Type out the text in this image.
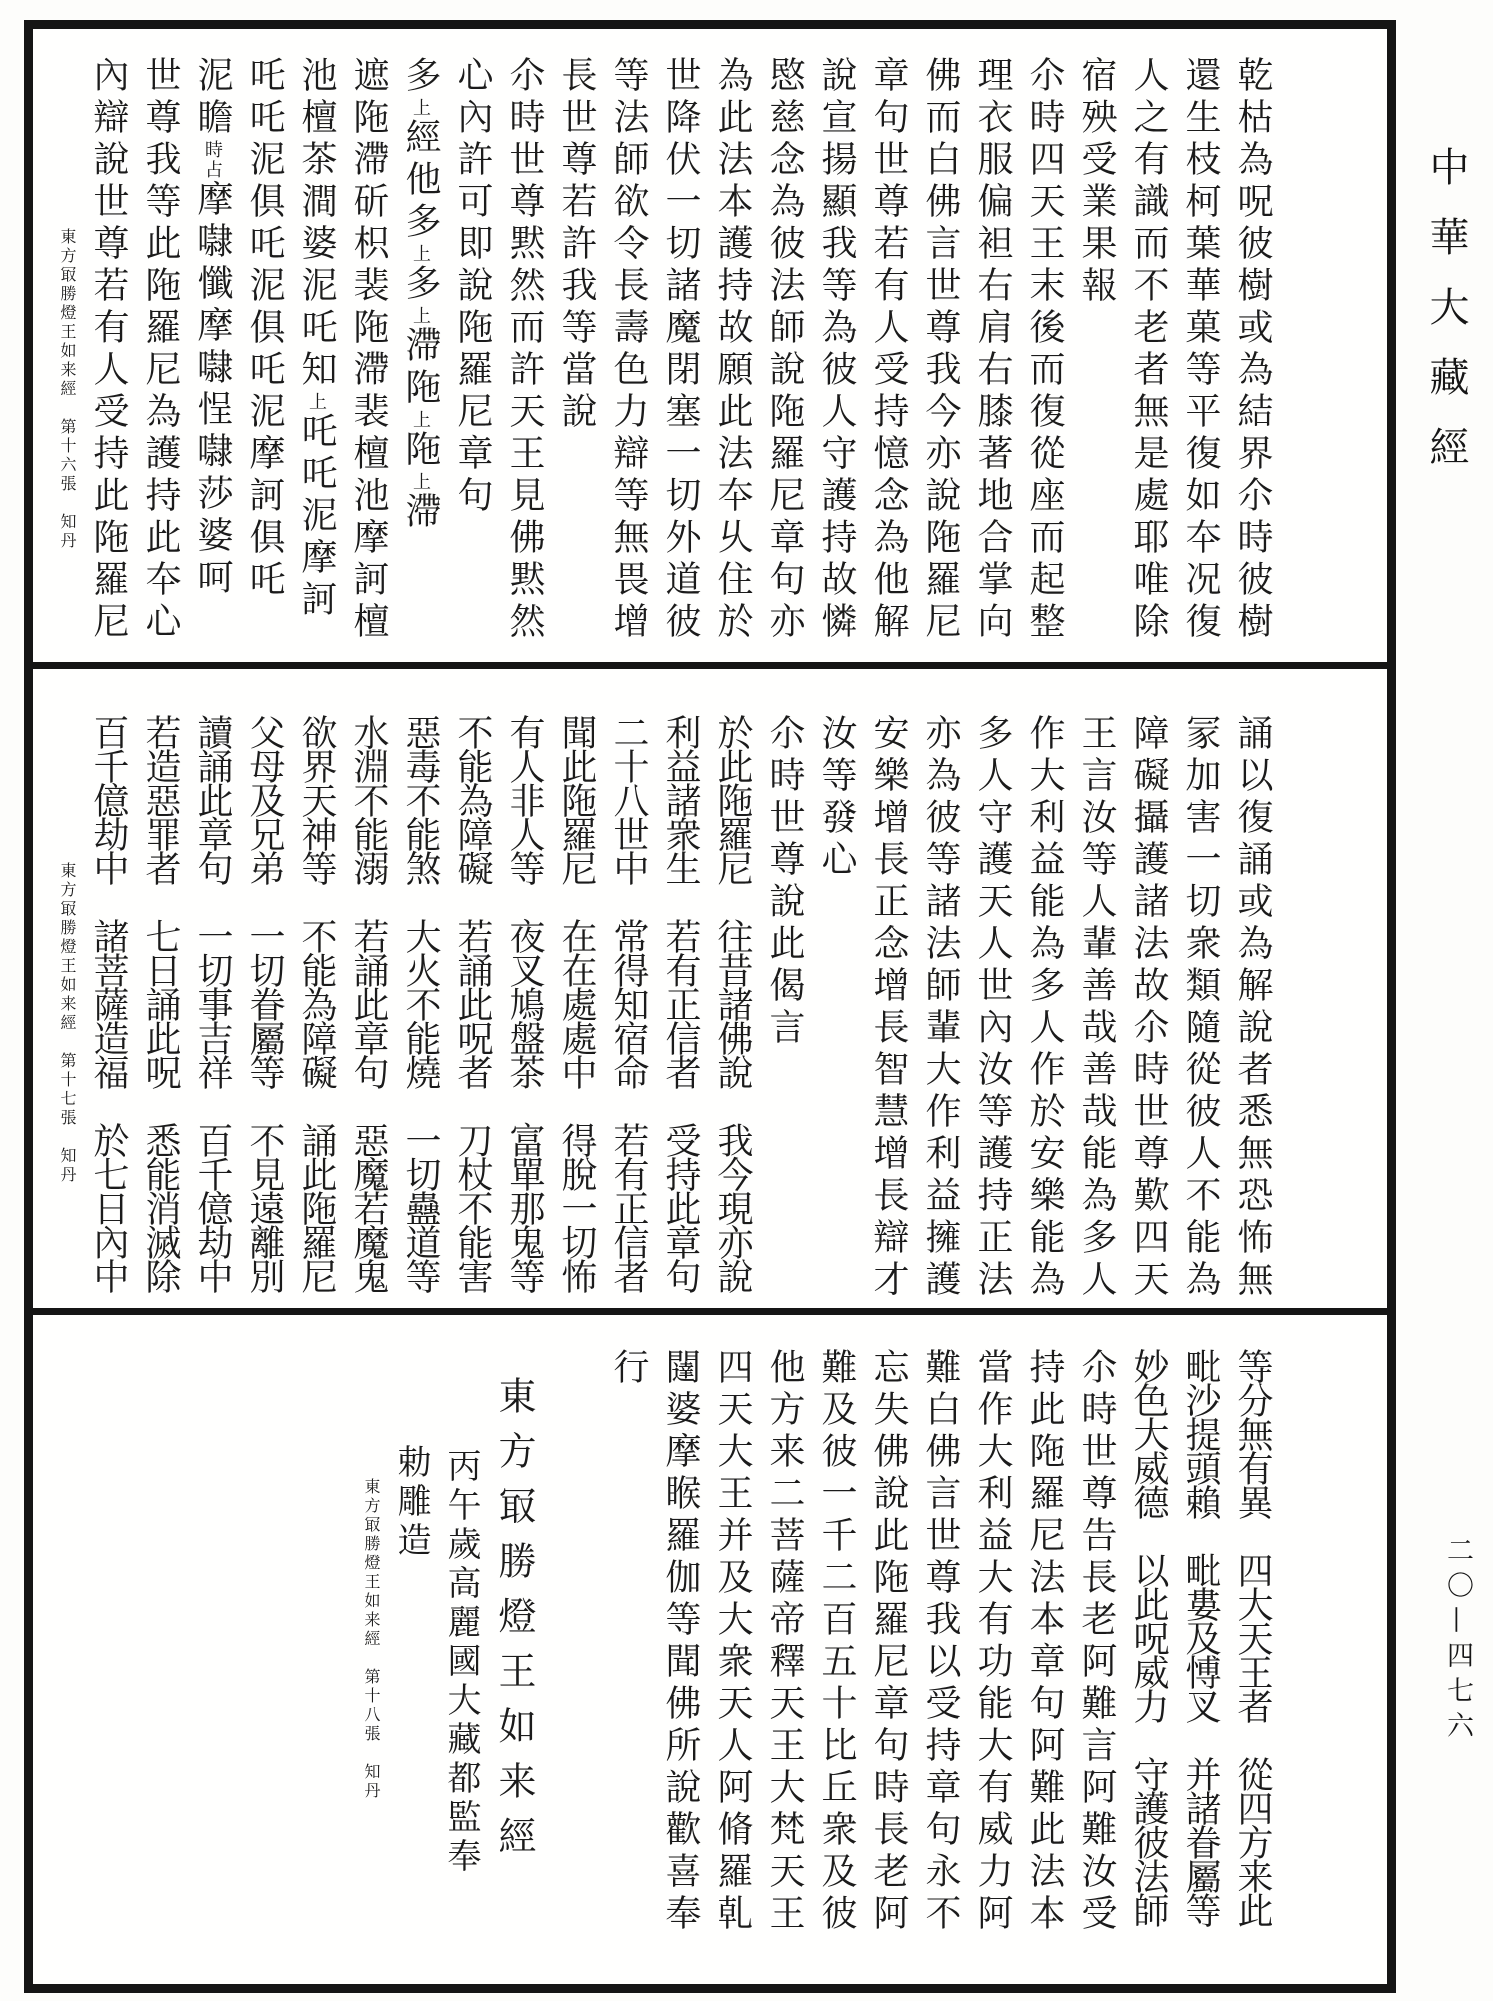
乾枯為呪彼樹或為結界尒時彼樹
還生枝柯葉華菓等平復如夲况復
人之有識而不老者無是處耶唯除
宿殃受業果報
尒時四天王末後而復從座而起整
理衣服偏袒右肩右膝著地合掌向
佛而白佛言世尊我今亦說陁羅尼
章句世尊若有人受持憶念為他解
說宣揚顯我等為彼人守護持故憐
愍慈念為彼法師說陁羅尼章句亦
為此法本護持故願此法夲乆住於
世降伏一切諸魔閉塞一切外道彼
等法師欲令長壽色力辯等無畏增
長世尊若許我等當說
尒時世尊黙然而許天王見佛黙然
心內許可即說陁羅尼章句
多上經他多上多上滯陁上陁上滯
遮陁滯斫枳裴陁滯裴檀池摩訶檀
池檀茶澗婆泥吒知上吒吒泥摩訶
吒吒泥俱吒泥俱吒泥摩訶俱吒
泥瞻時占摩㘑懺摩㘑悜㘑莎婆呵
世尊我等此陁羅尼為護持此夲心
內辯說世尊若有人受持此陁羅尼
東方冣勝燈王如来經　第十六張　知丹
誦以復誦或為解說者悉無恐怖無
冡加害一切衆類隨從彼人不能為
障礙攝護諸法故尒時世尊歎四天
王言汝等人輩善哉善哉能為多人
作大利益能為多人作於安樂能為
多人守護天人世內汝等護持正法
亦為彼等諸法師輩大作利益擁護
安樂增長正念增長智慧增長辯才
汝等發心
尒時世尊說此偈言
於此陁羅尼　往昔諸佛說　我今現亦說
利益諸衆生　若有正信者　受持此章句
二十八世中　常得知宿命　若有正信者
聞此陁羅尼　在在處處中　得脫一切怖
有人非人等　夜叉鳩盤茶　富單那鬼等
不能為障礙　若誦此呪者　刀杖不能害
惡毒不能煞　大火不能燒　一切蠱道等
水淵不能溺　若誦此章句　惡魔若魔鬼
欲界天神等　不能為障礙　誦此陁羅尼
父母及兄弟　一切眷屬等　不見遠離別
讀誦此章句　一切事吉祥　百千億劫中
若造惡罪者　七日誦此呪　悉能消滅除
百千億劫中　諸菩薩造福　於七日內中
東方冣勝燈王如来經　第十七張　知丹
等分無有異　四大天王者　從四方来此
毗沙提頭賴　毗婁及愽叉　并諸眷屬等
妙色大威德　以此呪威力　守護彼法師
尒時世尊告長老阿難言阿難汝受
持此陁羅尼法本章句阿難此法本
當作大利益大有功能大有威力阿
難白佛言世尊我以受持章句永不
忘失佛說此陁羅尼章句時長老阿
難及彼一千二百五十比丘衆及彼
他方来二菩薩帝釋天王大梵天王
四天大王并及大衆天人阿脩羅乹
闥婆摩睺羅伽等聞佛所說歡喜奉
行
東方冣勝燈王如来經
丙午歲高麗國大藏都監奉
勅雕造
東方冣勝燈王如来經　第十八張　知丹
中華大藏經
二〇—四七六
